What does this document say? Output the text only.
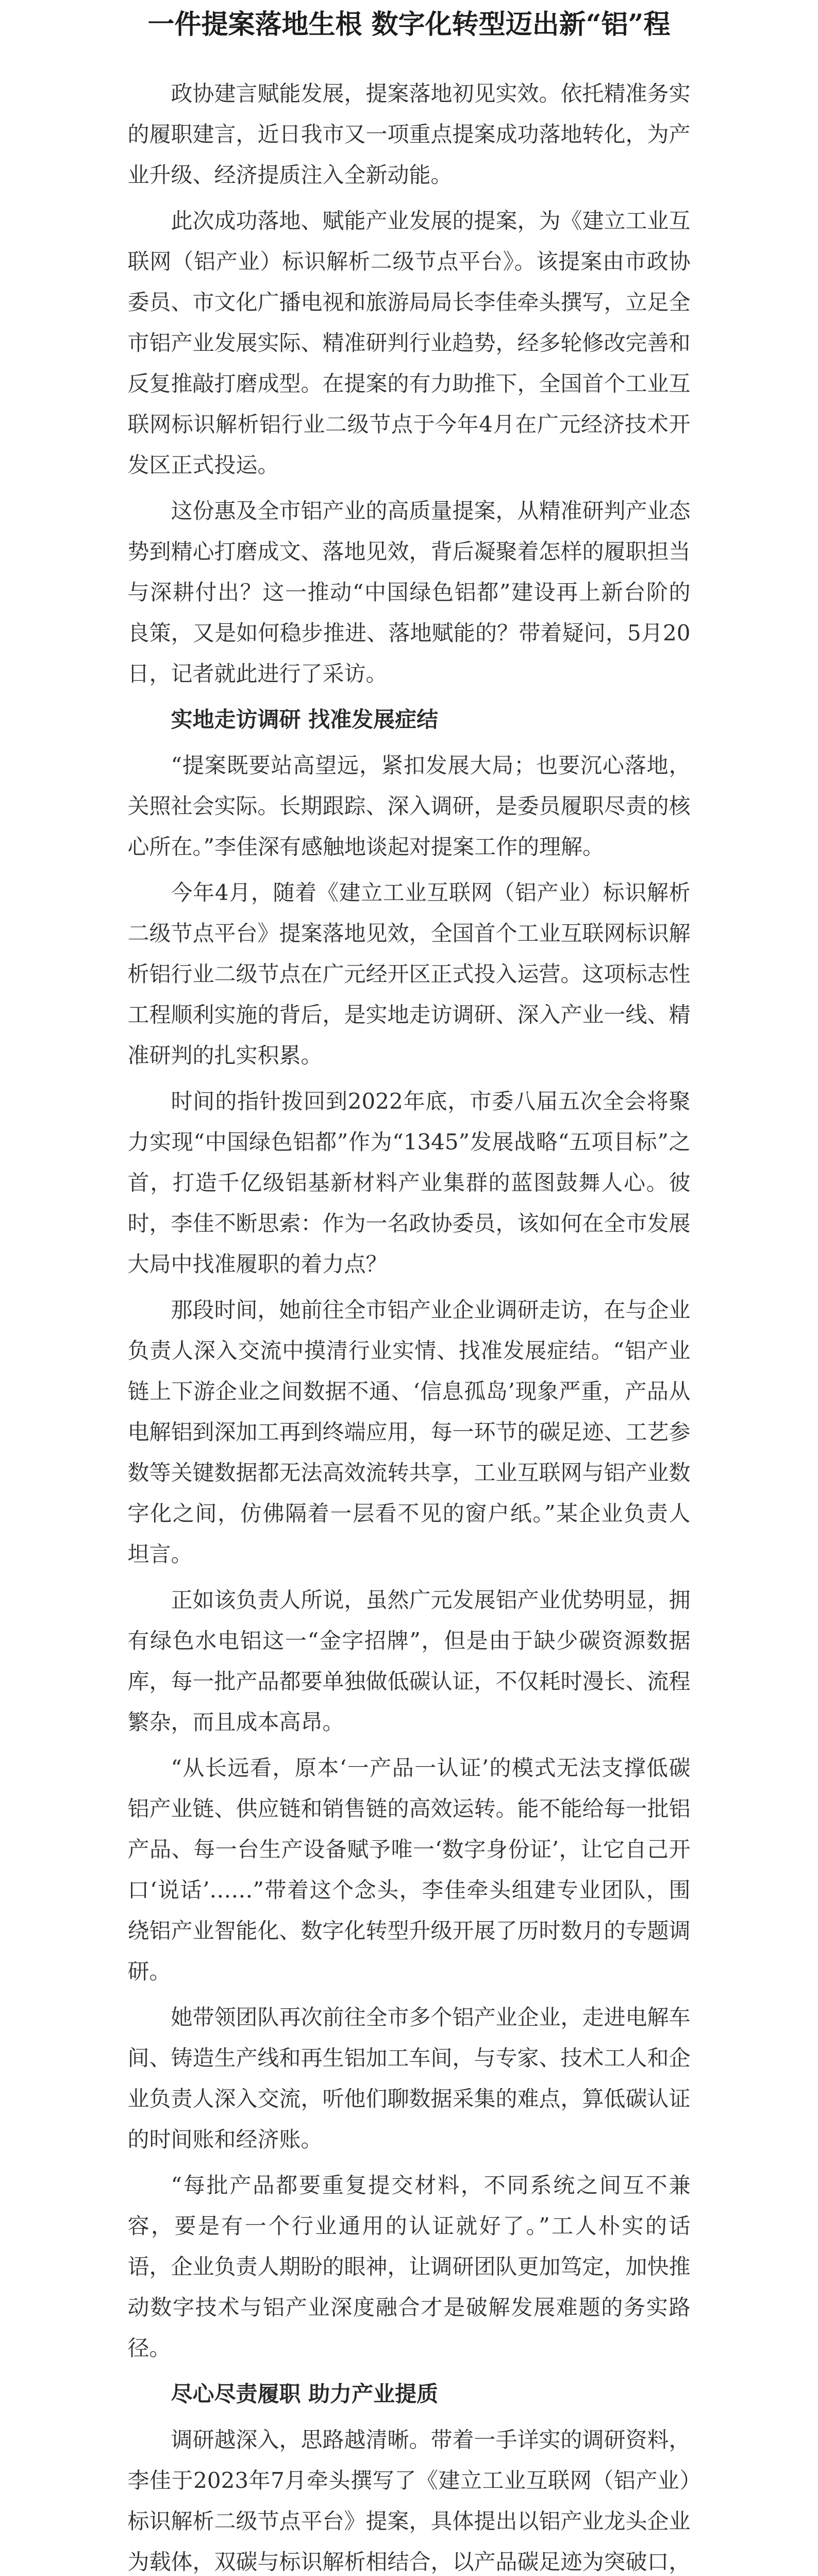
一件提案落地生根 数字化转型迈出新“铝”程

政协建言赋能发展，提案落地初见实效。依托精准务实的履职建言，近日我市又一项重点提案成功落地转化，为产业升级、经济提质注入全新动能。

此次成功落地、赋能产业发展的提案，为《建立工业互联网（铝产业）标识解析二级节点平台》。该提案由市政协委员、市文化广播电视和旅游局局长李佳牵头撰写，立足全市铝产业发展实际、精准研判行业趋势，经多轮修改完善和反复推敲打磨成型。在提案的有力助推下，全国首个工业互联网标识解析铝行业二级节点于今年4月在广元经济技术开发区正式投运。

这份惠及全市铝产业的高质量提案，从精准研判产业态势到精心打磨成文、落地见效，背后凝聚着怎样的履职担当与深耕付出？这一推动“中国绿色铝都”建设再上新台阶的良策，又是如何稳步推进、落地赋能的？带着疑问，5月20日，记者就此进行了采访。

实地走访调研 找准发展症结

“提案既要站高望远，紧扣发展大局；也要沉心落地，关照社会实际。长期跟踪、深入调研，是委员履职尽责的核心所在。”李佳深有感触地谈起对提案工作的理解。

今年4月，随着《建立工业互联网（铝产业）标识解析二级节点平台》提案落地见效，全国首个工业互联网标识解析铝行业二级节点在广元经开区正式投入运营。这项标志性工程顺利实施的背后，是实地走访调研、深入产业一线、精准研判的扎实积累。

时间的指针拨回到2022年底，市委八届五次全会将聚力实现“中国绿色铝都”作为“1345”发展战略“五项目标”之首，打造千亿级铝基新材料产业集群的蓝图鼓舞人心。彼时，李佳不断思索：作为一名政协委员，该如何在全市发展大局中找准履职的着力点？

那段时间，她前往全市铝产业企业调研走访，在与企业负责人深入交流中摸清行业实情、找准发展症结。“铝产业链上下游企业之间数据不通、‘信息孤岛’现象严重，产品从电解铝到深加工再到终端应用，每一环节的碳足迹、工艺参数等关键数据都无法高效流转共享，工业互联网与铝产业数字化之间，仿佛隔着一层看不见的窗户纸。”某企业负责人坦言。

正如该负责人所说，虽然广元发展铝产业优势明显，拥有绿色水电铝这一“金字招牌”，但是由于缺少碳资源数据库，每一批产品都要单独做低碳认证，不仅耗时漫长、流程繁杂，而且成本高昂。

“从长远看，原本‘一产品一认证’的模式无法支撑低碳铝产业链、供应链和销售链的高效运转。能不能给每一批铝产品、每一台生产设备赋予唯一‘数字身份证’，让它自己开口‘说话’……”带着这个念头，李佳牵头组建专业团队，围绕铝产业智能化、数字化转型升级开展了历时数月的专题调研。

她带领团队再次前往全市多个铝产业企业，走进电解车间、铸造生产线和再生铝加工车间，与专家、技术工人和企业负责人深入交流，听他们聊数据采集的难点，算低碳认证的时间账和经济账。

“每批产品都要重复提交材料，不同系统之间互不兼容，要是有一个行业通用的认证就好了。”工人朴实的话语，企业负责人期盼的眼神，让调研团队更加笃定，加快推动数字技术与铝产业深度融合才是破解发展难题的务实路径。

尽心尽责履职 助力产业提质

调研越深入，思路越清晰。带着一手详实的调研资料，李佳于2023年7月牵头撰写了《建立工业互联网（铝产业）标识解析二级节点平台》提案，具体提出以铝产业龙头企业为载体，双碳与标识解析相结合，以产品碳足迹为突破口，
